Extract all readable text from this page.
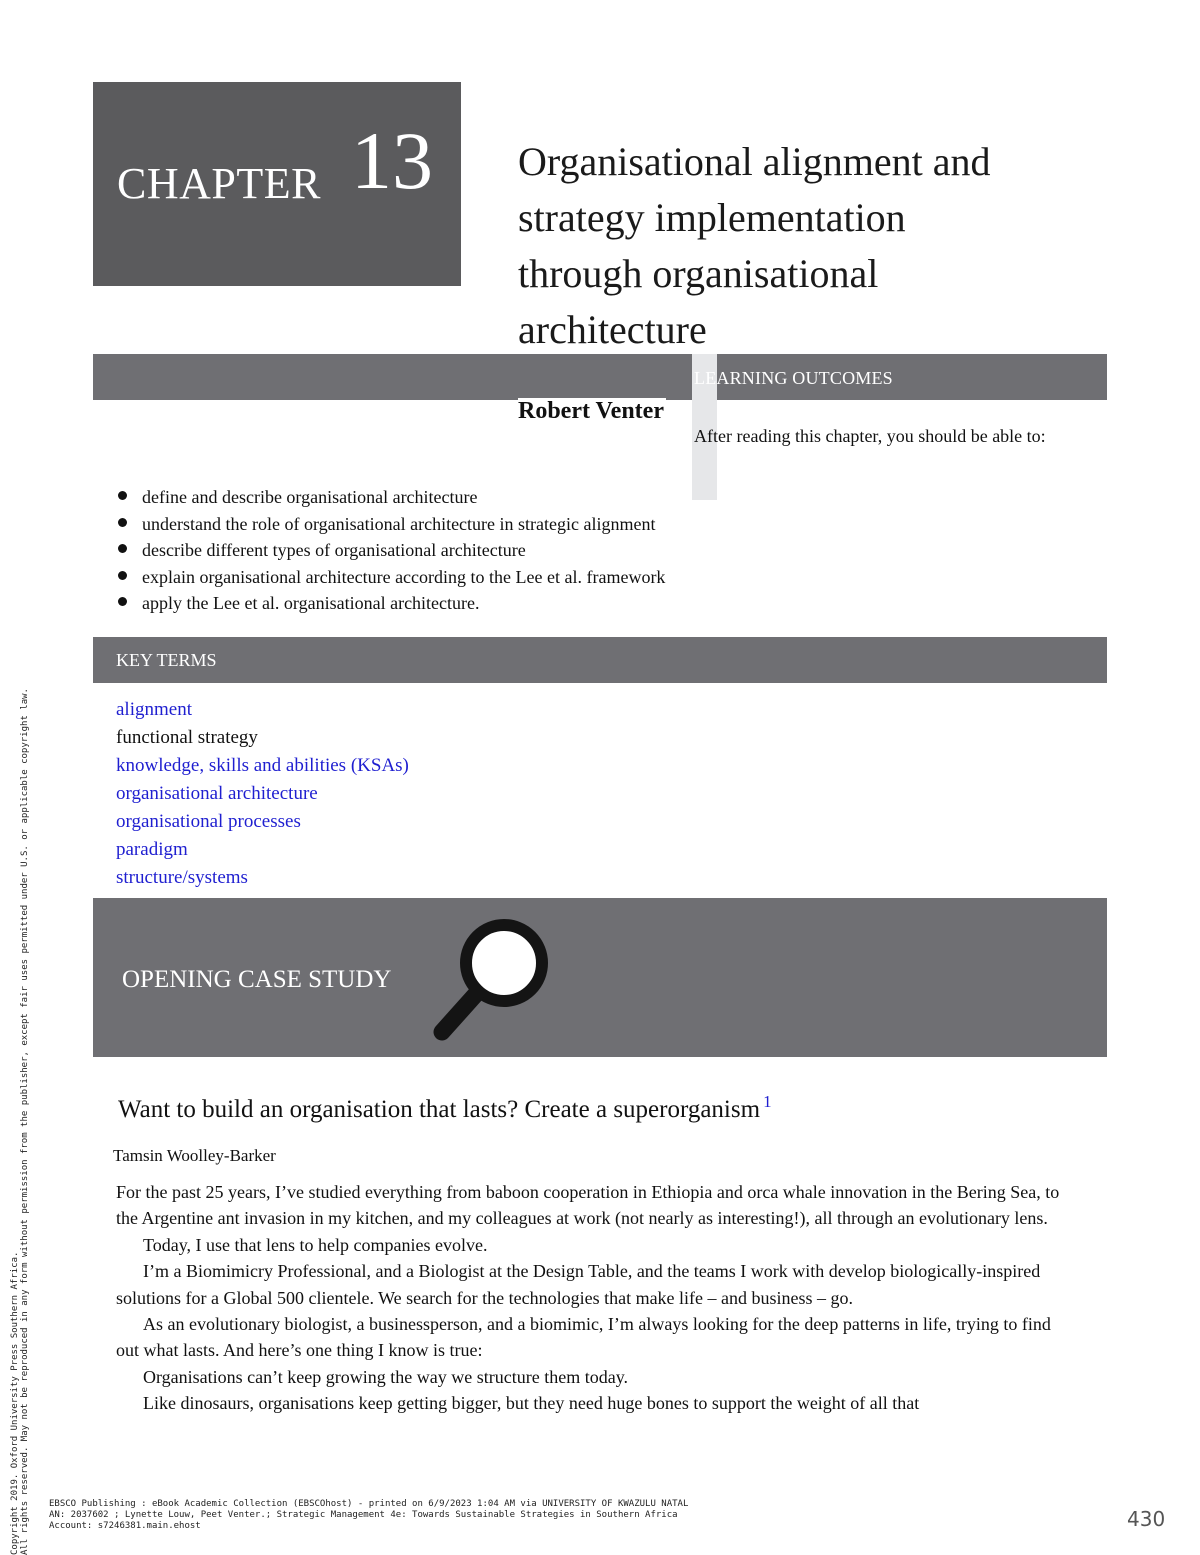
CHAPTER 13 Organisational alignment and
strategy implementation
through organisational
architecture
LEARNING OUTCOMES
Robert Venter
After reading this chapter, you should be able to:
define and describe organisational architecture
understand the role of organisational architecture in strategic alignment
describe different types of organisational architecture
explain organisational architecture according to the Lee et al. framework
apply the Lee et al. organisational architecture.
KEY TERMS
alignment
functional strategy
knowledge, skills and abilities (KSAs)
organisational architecture
organisational processes
paradigm
structure/systems
OPENING CASE STUDY
Want to build an organisation that lasts? Create a superorganism $^1$
Tamsin Woolley-Barker

For the past 25 years, I’ve studied everything from baboon cooperation in Ethiopia and orca whale innovation in the Bering Sea, to the Argentine ant invasion in my kitchen, and my colleagues at work (not nearly as interesting!), all through an evolutionary lens.

Today, I use that lens to help companies evolve.

I’m a Biomimicry Professional, and a Biologist at the Design Table, and the teams I work with develop biologically-inspired solutions for a Global 500 clientele. We search for the technologies that make life – and business – go.

As an evolutionary biologist, a businessperson, and a biomimic, I’m always looking for the deep patterns in life, trying to find out what lasts. And here’s one thing I know is true:

Organisations can’t keep growing the way we structure them today.

Like dinosaurs, organisations keep getting bigger, but they need huge bones to support the weight of all that

Copyright 2019. Oxford University Press Southern Africa. All rights reserved. May not be reproduced in any form without permission from the publisher, except fair uses permitted under U.S. or applicable copyright law. EBSCO Publishing : eBook Academic Collection (EBSCOhost) - printed on 6/9/2023 1:04 AM via UNIVERSITY OF KWAZULU NATAL
AN: 2037602 ; Lynette Louw, Peet Venter.; Strategic Management 4e: Towards Sustainable Strategies in Southern Africa
Account: s7246381.main.ehost	430
